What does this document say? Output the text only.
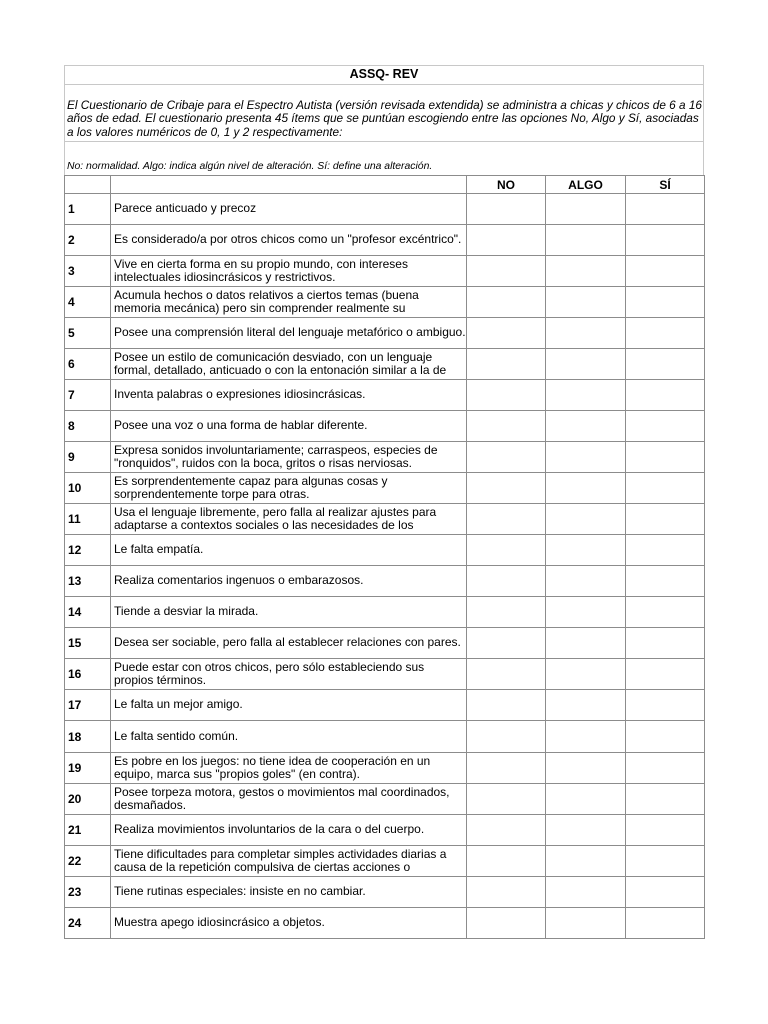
ASSQ- REV
El Cuestionario de Cribaje para el Espectro Autista (versión revisada extendida) se administra a chicas y chicos de 6 a 16 años de edad. El cuestionario presenta 45 ítems que se puntúan escogiendo entre las opciones No, Algo y Sí, asociadas a los valores numéricos de 0, 1 y 2 respectivamente:
No: normalidad. Algo: indica algún nivel de alteración. Sí: define una alteración.
		NO	ALGO	SÍ
1	Parece anticuado y precoz			

2	Es considerado/a por otros chicos como un "profesor excéntrico".			

3	Vive en cierta forma en su propio mundo, con intereses intelectuales idiosincrásicos y restrictivos.			

4	Acumula hechos o datos relativos a ciertos temas (buena memoria mecánica) pero sin comprender realmente su			

5	Posee una comprensión literal del lenguaje metafórico o ambiguo.			

6	Posee un estilo de comunicación desviado, con un lenguaje formal, detallado, anticuado o con la entonación similar a la de			

7	Inventa palabras o expresiones idiosincrásicas.			

8	Posee una voz o una forma de hablar diferente.			

9	Expresa sonidos involuntariamente; carraspeos, especies de "ronquidos", ruidos con la boca, gritos o risas nerviosas.			

10	Es sorprendentemente capaz para algunas cosas y sorprendentemente torpe para otras.			

11	Usa el lenguaje libremente, pero falla al realizar ajustes para adaptarse a contextos sociales o las necesidades de los			

12	Le falta empatía.			

13	Realiza comentarios ingenuos o embarazosos.			

14	Tiende a desviar la mirada.			

15	Desea ser sociable, pero falla al establecer relaciones con pares.			

16	Puede estar con otros chicos, pero sólo estableciendo sus propios términos.			

17	Le falta un mejor amigo.			

18	Le falta sentido común.			

19	Es pobre en los juegos: no tiene idea de cooperación en un equipo, marca sus "propios goles" (en contra).			

20	Posee torpeza motora, gestos o movimientos mal coordinados, desmañados.			

21	Realiza movimientos involuntarios de la cara o del cuerpo.			

22	Tiene dificultades para completar simples actividades diarias a causa de la repetición compulsiva de ciertas acciones o			

23	Tiene rutinas especiales: insiste en no cambiar.			

24	Muestra apego idiosincrásico a objetos.			
